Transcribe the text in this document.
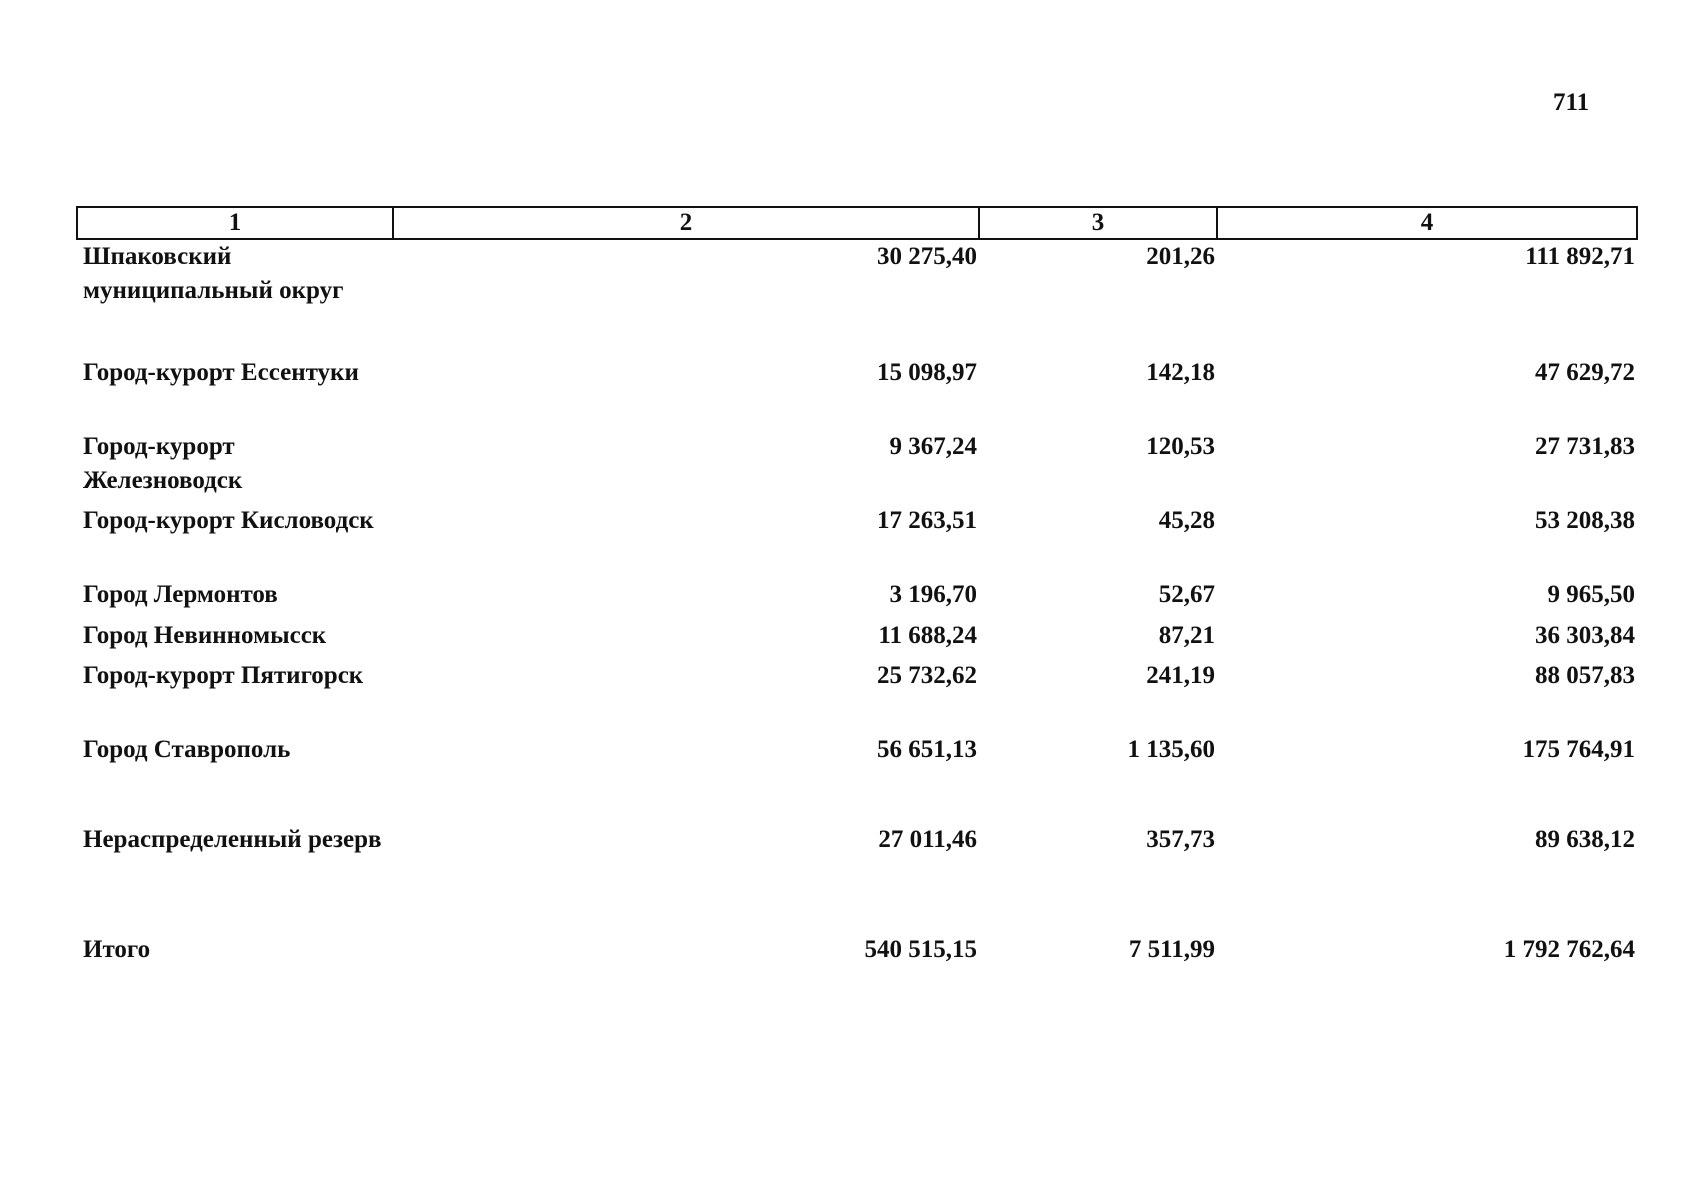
711
1	2	3	4
Шпаковский муниципальный округ	30 275,40	201,26	111 892,71
Город-курорт Ессентуки	15 098,97	142,18	47 629,72
Город-курорт Железноводск	9 367,24	120,53	27 731,83
Город-курорт Кисловодск	17 263,51	45,28	53 208,38
Город Лермонтов	3 196,70	52,67	9 965,50
Город Невинномысск	11 688,24	87,21	36 303,84
Город-курорт Пятигорск	25 732,62	241,19	88 057,83
Город Ставрополь	56 651,13	1 135,60	175 764,91
Нераспределенный резерв	27 011,46	357,73	89 638,12
Итого	540 515,15	7 511,99	1 792 762,64
